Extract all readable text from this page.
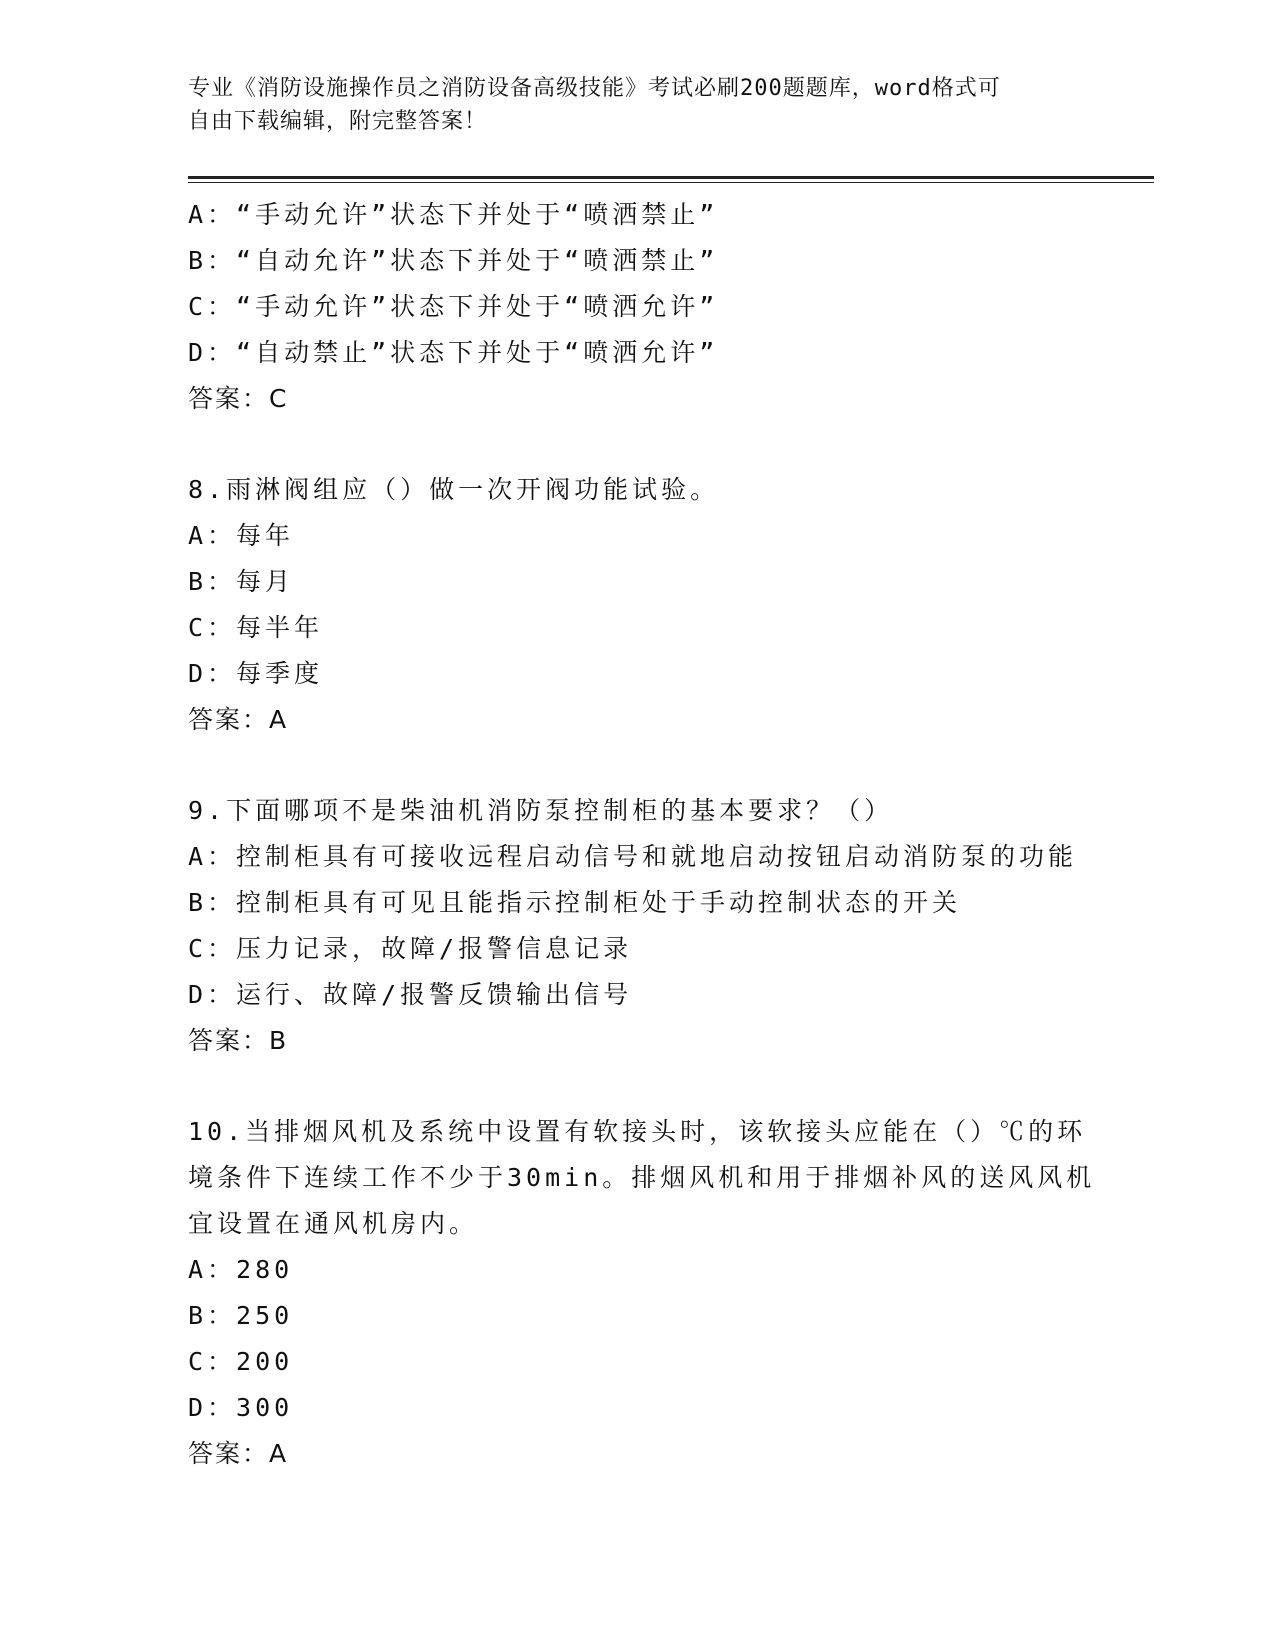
专业《消防设施操作员之消防设备高级技能》考试必刷200题题库，word格式可
自由下载编辑，附完整答案！
A：“手动允许”状态下并处于“喷洒禁止”
B：“自动允许”状态下并处于“喷洒禁止”
C：“手动允许”状态下并处于“喷洒允许”
D：“自动禁止”状态下并处于“喷洒允许”
答案：C
8.雨淋阀组应（）做一次开阀功能试验。
A：每年
B：每月
C：每半年
D：每季度
答案：A
9.下面哪项不是柴油机消防泵控制柜的基本要求？（）
A：控制柜具有可接收远程启动信号和就地启动按钮启动消防泵的功能
B：控制柜具有可见且能指示控制柜处于手动控制状态的开关
C：压力记录，故障/报警信息记录
D：运行、故障/报警反馈输出信号
答案：B
10.当排烟风机及系统中设置有软接头时，该软接头应能在（）℃的环
境条件下连续工作不少于30min。排烟风机和用于排烟补风的送风风机
宜设置在通风机房内。
A：280
B：250
C：200
D：300
答案：A
